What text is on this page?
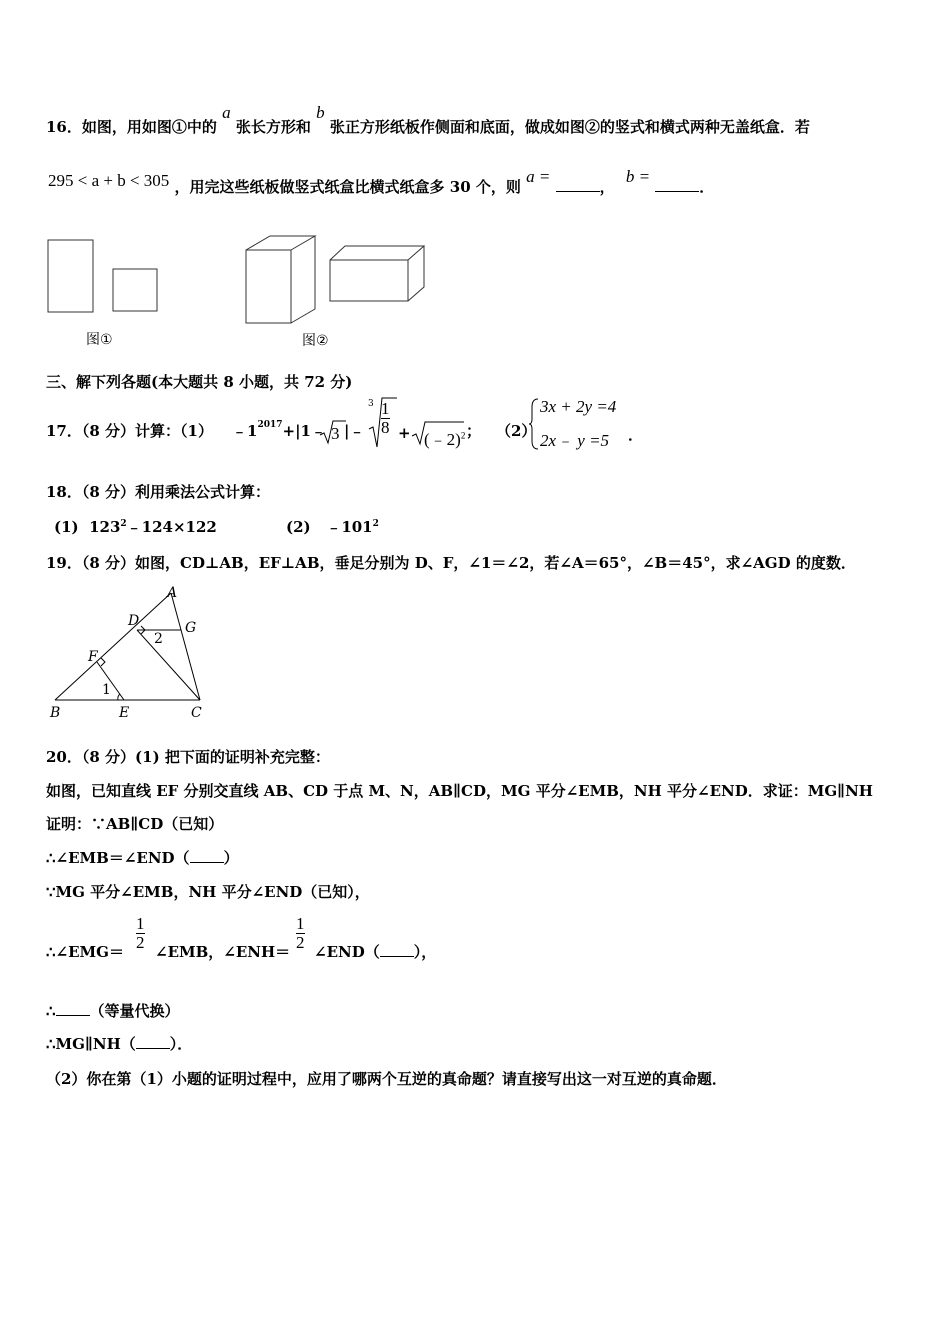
16．如图，用如图①中的 a 张长方形和 b 张正方形纸板作侧面和底面，做成如图②的竖式和横式两种无盖纸盒．若
295 < a + b < 305 ，用完这些纸板做竖式纸盒比横式纸盒多 30 个，则 a = ， b = ．
图①	图②
三、解下列各题(本大题共 8 小题，共 72 分)
17．（8 分）计算：（1） $﹣1^{2017}+|1﹣$ 3 |﹣
$3 \frac{1}{8}$ + (﹣2)$^2$ ； （2）
3x + 2y =4
2x﹣ y =5 ．
18．（8 分）利用乘法公式计算：
(1) $123^2﹣124\times 122$	(2) $﹣101^2$
19．（8 分）如图，CD⊥AB，EF⊥AB，垂足分别为 D、F，∠1＝∠2，若∠A＝65°，∠B＝45°，求∠AGD 的度数．
A
G
D
2
F
1
B	E	C
20．（8 分）(1) 把下面的证明补充完整：
如图，已知直线 EF 分别交直线 AB、CD 于点 M、N，AB∥CD，MG 平分∠EMB，NH 平分∠END．求证：MG∥NH
证明：∵AB∥CD（已知）
∴∠EMB＝∠END（ ）
∵MG 平分∠EMB，NH 平分∠END（已知），
∴∠EMG＝ $\frac{1}{2}$ ∠EMB，∠ENH＝ $\frac{1}{2}$ ∠END（ ），
∴ （等量代换）
∴MG∥NH（ ）．
（2）你在第（1）小题的证明过程中，应用了哪两个互逆的真命题？请直接写出这一对互逆的真命题．
